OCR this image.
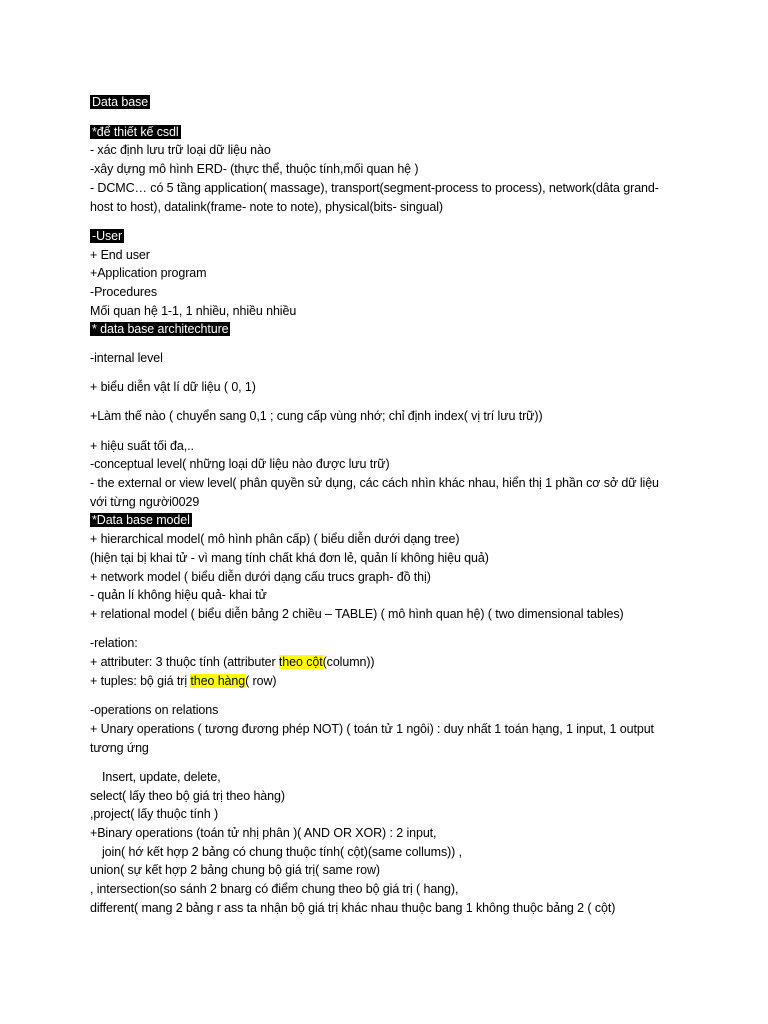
Data base
*để thiết kế csdl
- xác định lưu trữ loại dữ liệu nào
-xây dựng mô hình ERD- (thực thể, thuộc tính,mối quan hệ )
- DCMC… có 5 tầng application( massage), transport(segment-process to process), network(dâta grand-
host to host), datalink(frame- note to note), physical(bits- singual)
-User
+ End user
+Application program
-Procedures
Mối quan hệ 1-1, 1 nhiều, nhiều nhiều
* data base architechture
-internal level
+ biểu diễn vật lí dữ liệu ( 0, 1)
+Làm thế nào ( chuyển sang 0,1 ; cung cấp vùng nhớ; chỉ định index( vị trí lưu trữ))
+ hiệu suất tối đa,..
-conceptual level( những loại dữ liệu nào được lưu trữ)
- the external or view level( phân quyền sử dụng, các cách nhìn khác nhau, hiển thị 1 phần cơ sở dữ liệu
với từng người0029
*Data base model
+ hierarchical model( mô hình phân cấp) ( biểu diễn dưới dạng tree)
(hiện tại bị khai tử - vì mang tính chất khá đơn lẻ, quản lí không hiệu quả)
+ network model ( biểu diễn dưới dạng cấu trucs graph- đồ thị)
- quản lí không hiệu quả- khai tử
+ relational model ( biểu diễn bảng 2 chiều – TABLE) ( mô hình quan hệ) ( two dimensional tables)
-relation:
+ attributer: 3 thuộc tính (attributer theo cột(column))
+ tuples: bộ giá trị theo hàng( row)
-operations on relations
+ Unary operations ( tương đương phép NOT) ( toán tử 1 ngôi) : duy nhất 1 toán hạng, 1 input, 1 output
tương ứng
Insert, update, delete,
select( lấy theo bộ giá trị theo hàng)
,project( lấy thuộc tính )
+Binary operations (toán tử nhị phân )( AND OR XOR) : 2 input,
join( hớ kết hợp 2 bảng có chung thuộc tính( cột)(same collums)) ,
union( sự kết hợp 2 bảng chung bộ giá trị( same row)
, intersection(so sánh 2 bnarg có điểm chung theo bộ giá trị ( hang),
different( mang 2 bảng r ass ta nhận bộ giá trị khác nhau thuộc bang 1 không thuộc bảng 2 ( cột)
